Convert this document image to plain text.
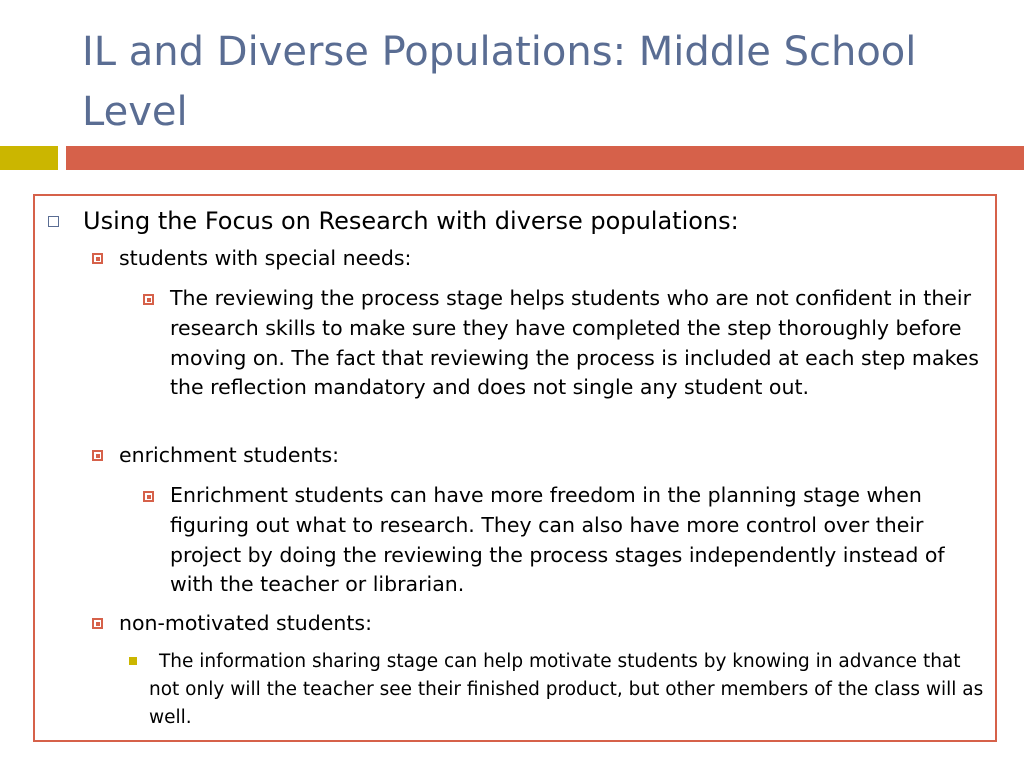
IL and Diverse Populations: Middle School Level
Using the Focus on Research with diverse populations:
students with special needs:
The reviewing the process stage helps students who are not confident in their research skills to make sure they have completed the step thoroughly before moving on. The fact that reviewing the process is included at each step makes the reflection mandatory and does not single any student out.
enrichment students:
Enrichment students can have more freedom in the planning stage when figuring out what to research. They can also have more control over their project by doing the reviewing the process stages independently instead of with the teacher or librarian.
non-motivated students:
The information sharing stage can help motivate students by knowing in advance that not only will the teacher see their finished product, but other members of the class will as well.
